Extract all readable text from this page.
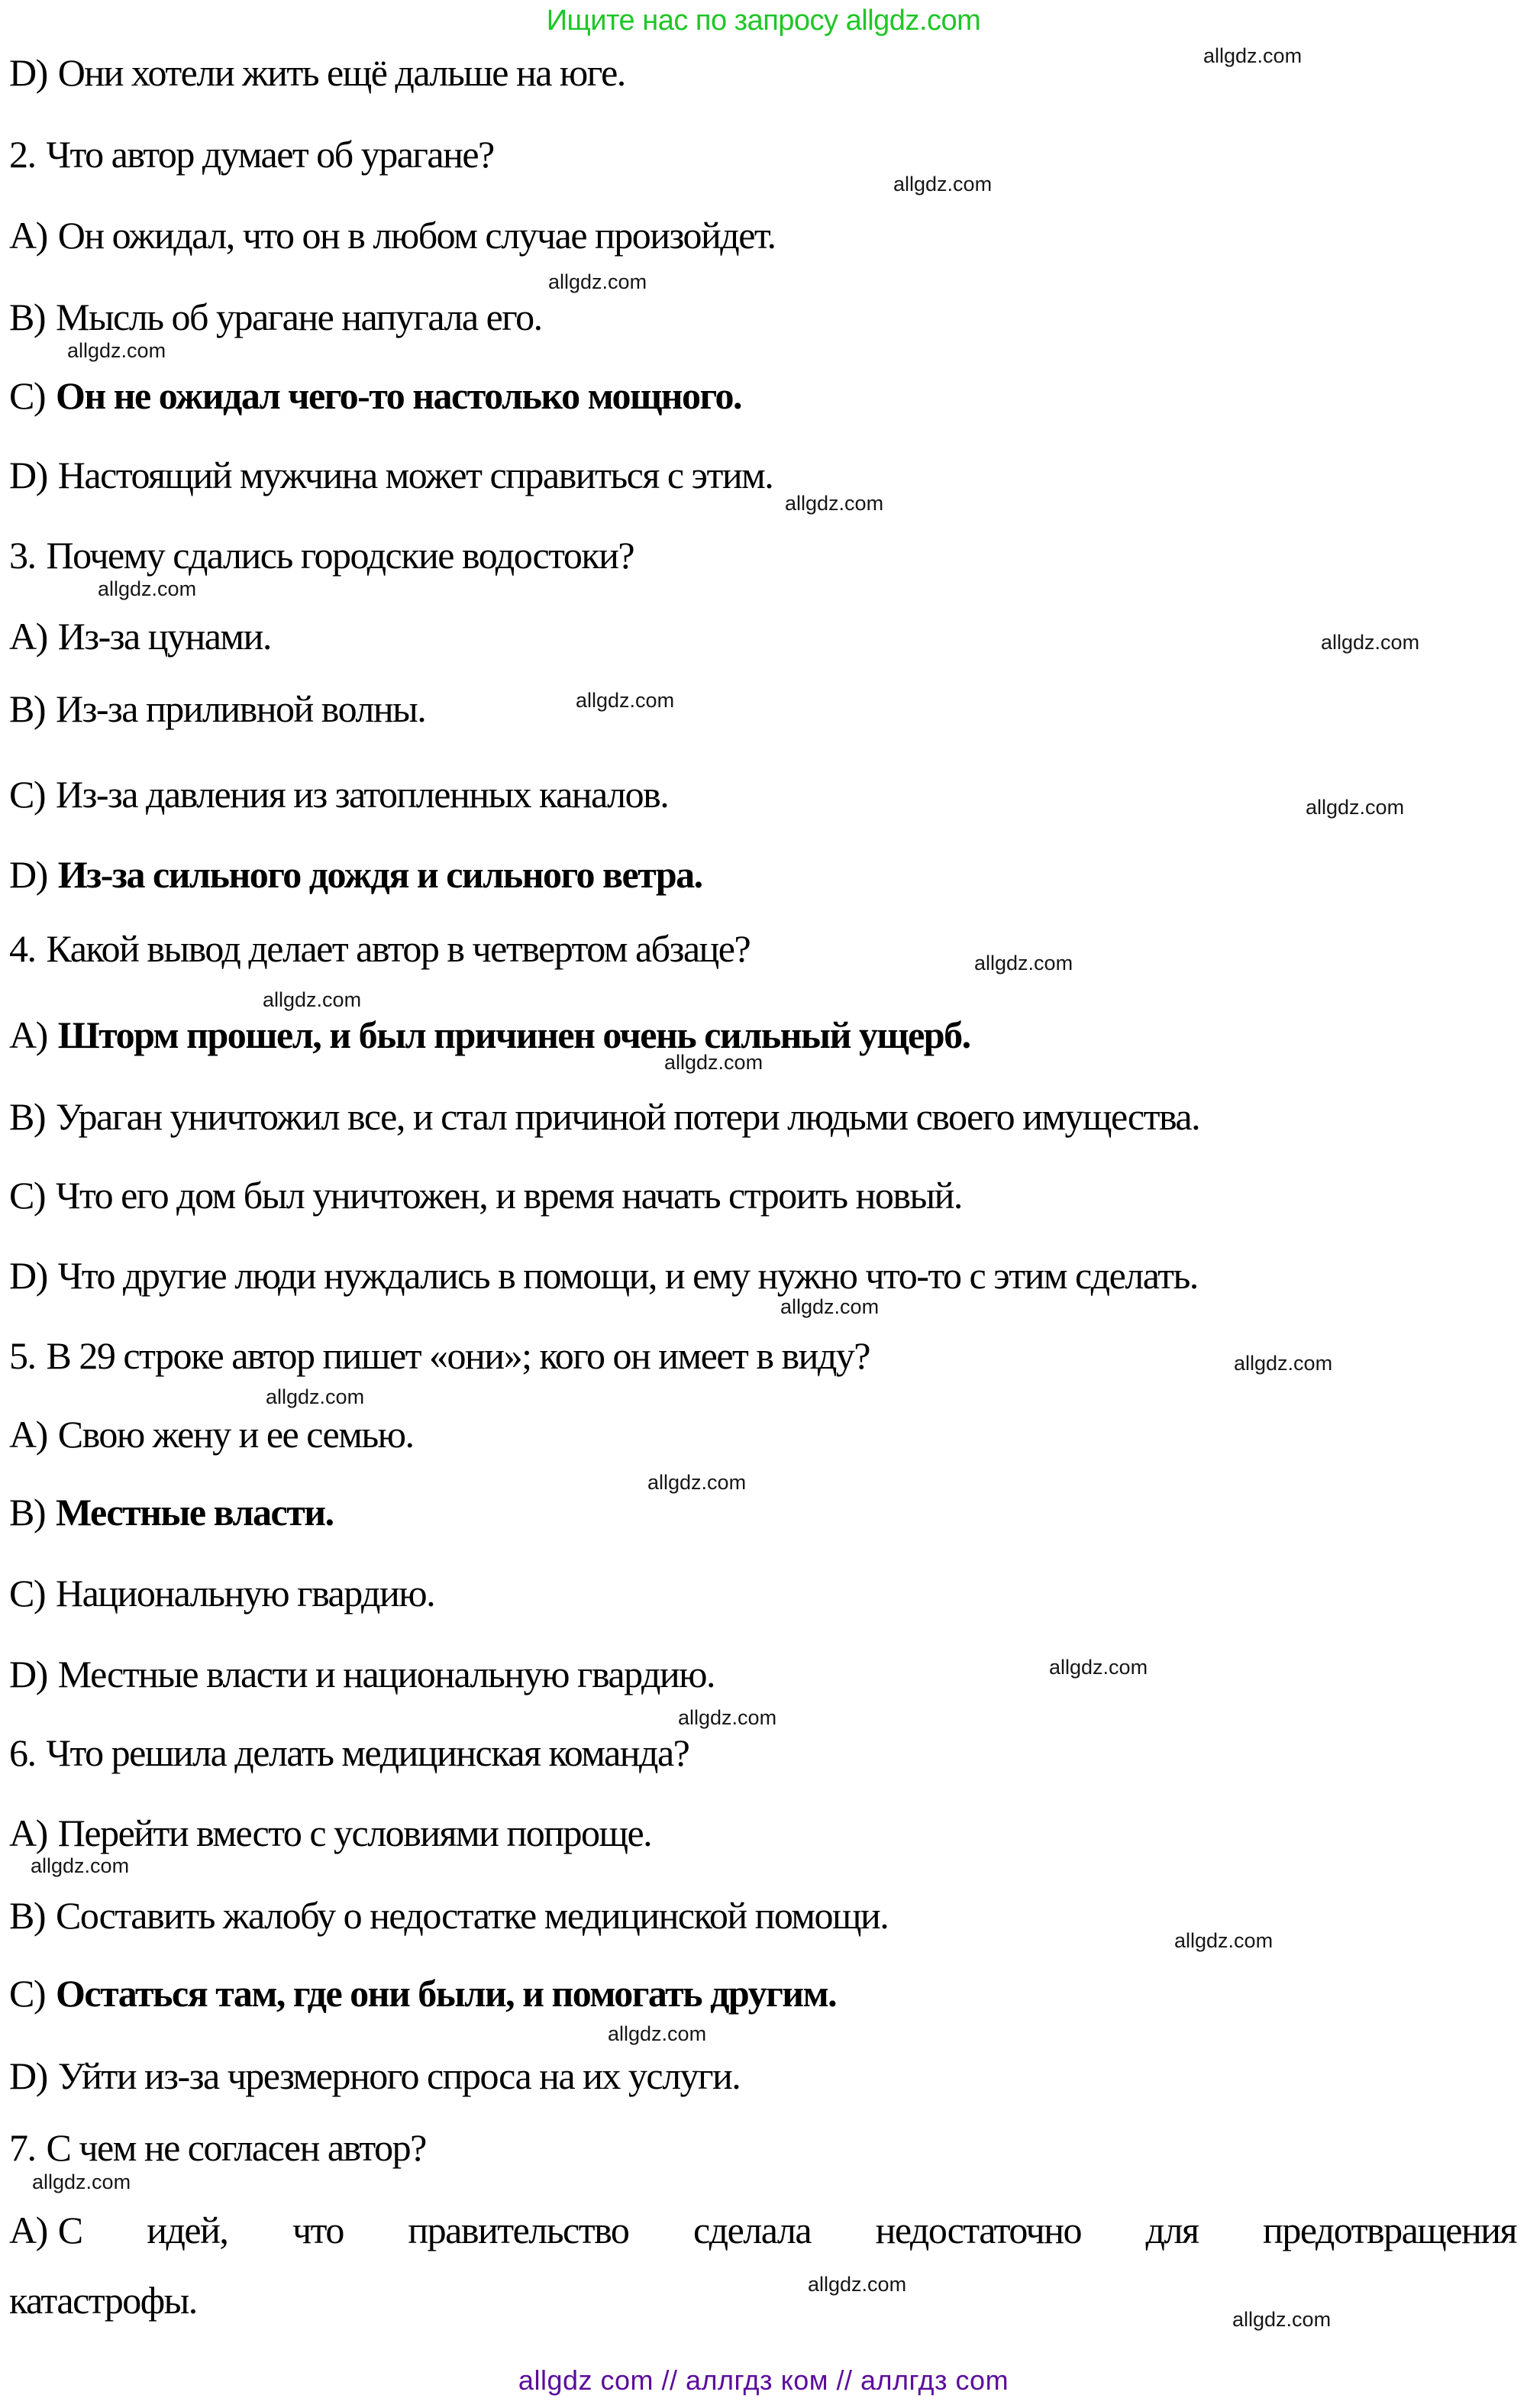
Ищите нас по запросу allgdz.com
D) Они хотели жить ещё дальше на юге.
2. Что автор думает об урагане?
A) Он ожидал, что он в любом случае произойдет.
B) Мысль об урагане напугала его.
C) Он не ожидал чего-то настолько мощного.
D) Настоящий мужчина может справиться с этим.
3. Почему сдались городские водостоки?
A) Из-за цунами.
B) Из-за приливной волны.
C) Из-за давления из затопленных каналов.
D) Из-за сильного дождя и сильного ветра.
4. Какой вывод делает автор в четвертом абзаце?
A) Шторм прошел, и был причинен очень сильный ущерб.
B) Ураган уничтожил все, и стал причиной потери людьми своего имущества.
C) Что его дом был уничтожен, и время начать строить новый.
D) Что другие люди нуждались в помощи, и ему нужно что-то с этим сделать.
5. В 29 строке автор пишет «они»; кого он имеет в виду?
A) Свою жену и ее семью.
B) Местные власти.
C) Национальную гвардию.
D) Местные власти и национальную гвардию.
6. Что решила делать медицинская команда?
A) Перейти вместо с условиями попроще.
B) Составить жалобу о недостатке медицинской помощи.
C) Остаться там, где они были, и помогать другим.
D) Уйти из-за чрезмерного спроса на их услуги.
7. С чем не согласен автор?
A) С идей, что правительство сделала недостаточно для предотвращения
катастрофы.
allgdz.com
allgdz.com
allgdz.com
allgdz.com
allgdz.com
allgdz.com
allgdz.com
allgdz.com
allgdz.com
allgdz.com
allgdz.com
allgdz.com
allgdz.com
allgdz.com
allgdz.com
allgdz.com
allgdz.com
allgdz.com
allgdz.com
allgdz.com
allgdz.com
allgdz.com
allgdz.com
allgdz.com
allgdz com // аллгдз ком // аллгдз com
